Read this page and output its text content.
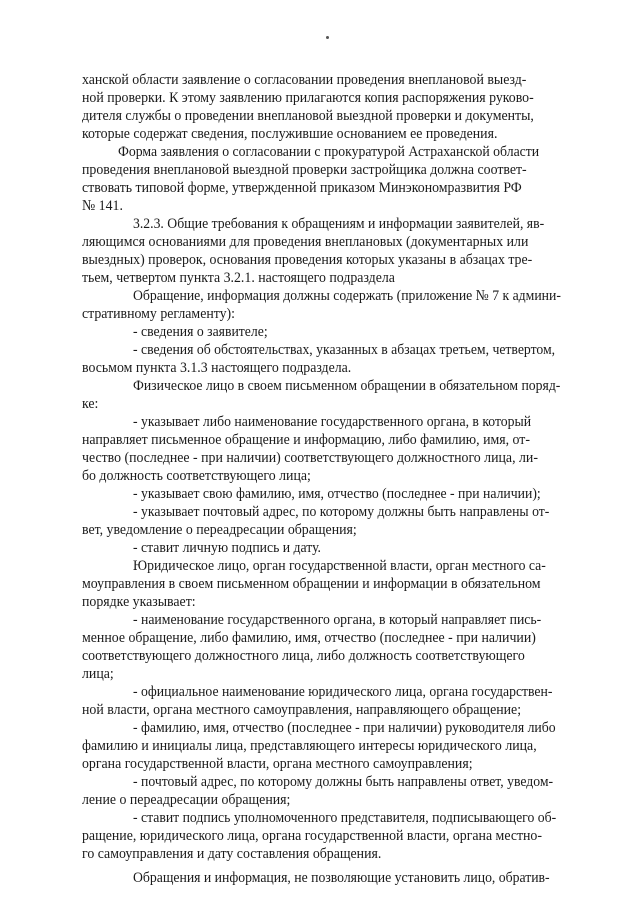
ханской области заявление о согласовании проведения внеплановой выезд-
ной проверки. К этому заявлению прилагаются копия распоряжения руково-
дителя службы о проведении внеплановой выездной проверки и документы,
которые содержат сведения, послужившие основанием ее проведения.
Форма заявления о согласовании с прокуратурой Астраханской области
проведения внеплановой выездной проверки застройщика должна соответ-
ствовать типовой форме, утвержденной приказом Минэкономразвития РФ
№ 141.
3.2.3. Общие требования к обращениям и информации заявителей, яв-
ляющимся основаниями для проведения внеплановых (документарных или
выездных) проверок, основания проведения которых указаны в абзацах тре-
тьем, четвертом пункта 3.2.1. настоящего подраздела
Обращение, информация должны содержать (приложение № 7 к админи-
стративному регламенту):
- сведения о заявителе;
- сведения об обстоятельствах, указанных в абзацах третьем, четвертом,
восьмом пункта 3.1.3 настоящего подраздела.
Физическое лицо в своем письменном обращении в обязательном поряд-
ке:
- указывает либо наименование государственного органа, в который
направляет письменное обращение и информацию, либо фамилию, имя, от-
чество (последнее - при наличии) соответствующего должностного лица, ли-
бо должность соответствующего лица;
- указывает свою фамилию, имя, отчество (последнее - при наличии);
- указывает почтовый адрес, по которому должны быть направлены от-
вет, уведомление о переадресации обращения;
- ставит личную подпись и дату.
Юридическое лицо, орган государственной власти, орган местного са-
моуправления в своем письменном обращении и информации в обязательном
порядке указывает:
- наименование государственного органа, в который направляет пись-
менное обращение, либо фамилию, имя, отчество (последнее - при наличии)
соответствующего должностного лица, либо должность соответствующего
лица;
- официальное наименование юридического лица, органа государствен-
ной власти, органа местного самоуправления, направляющего обращение;
- фамилию, имя, отчество (последнее - при наличии) руководителя либо
фамилию и инициалы лица, представляющего интересы юридического лица,
органа государственной власти, органа местного самоуправления;
- почтовый адрес, по которому должны быть направлены ответ, уведом-
ление о переадресации обращения;
- ставит подпись уполномоченного представителя, подписывающего об-
ращение, юридического лица, органа государственной власти, органа местно-
го самоуправления и дату составления обращения.
Обращения и информация, не позволяющие установить лицо, обратив-
